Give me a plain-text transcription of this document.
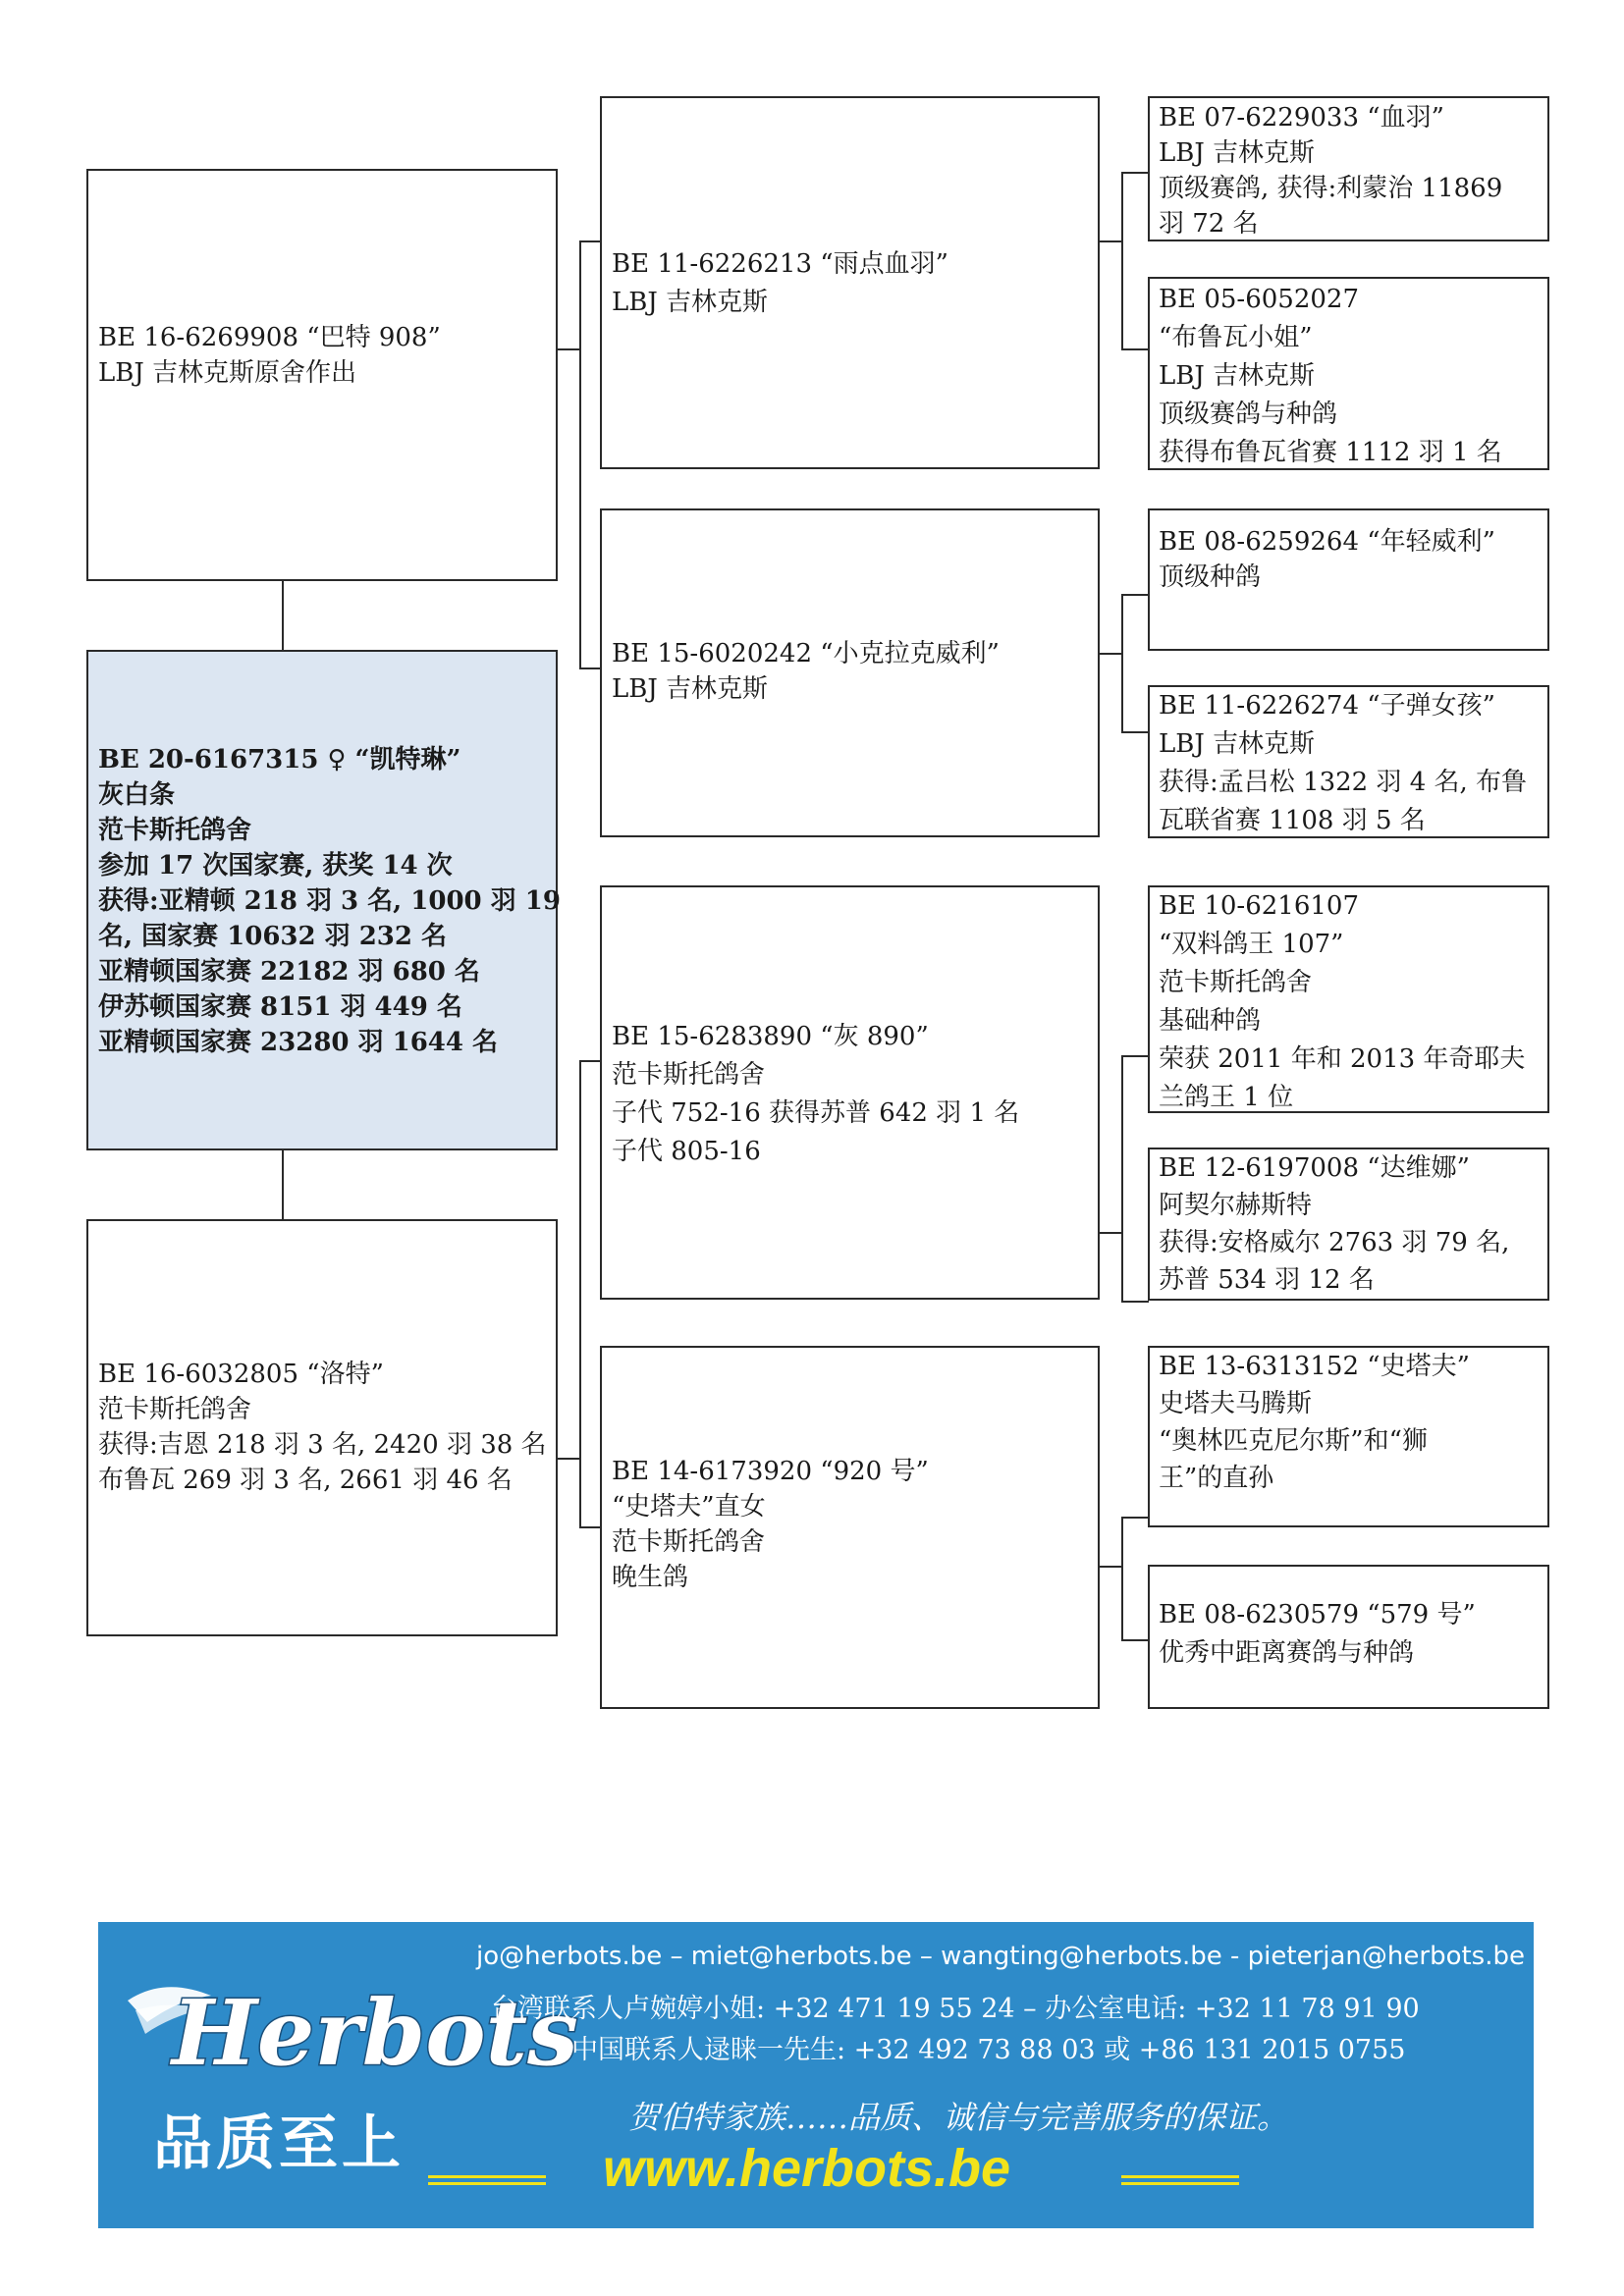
BE 16-6269908 “巴特 908”
LBJ 吉林克斯原舍作出
BE 20-6167315 ♀ “凯特琳”
灰白条
范卡斯托鸽舍
参加 17 次国家赛, 获奖 14 次
获得:亚精顿 218 羽 3 名, 1000 羽 19
名, 国家赛 10632 羽 232 名
亚精顿国家赛 22182 羽 680 名
伊苏顿国家赛 8151 羽 449 名
亚精顿国家赛 23280 羽 1644 名
BE 16-6032805 “洛特”
范卡斯托鸽舍
获得:吉恩 218 羽 3 名, 2420 羽 38 名
布鲁瓦 269 羽 3 名, 2661 羽 46 名
BE 11-6226213 “雨点血羽”
LBJ 吉林克斯
BE 15-6020242 “小克拉克威利”
LBJ 吉林克斯
BE 15-6283890 “灰 890”
范卡斯托鸽舍
子代 752-16 获得苏普 642 羽 1 名
子代 805-16
BE 14-6173920 “920 号”
“史塔夫”直女
范卡斯托鸽舍
晚生鸽
BE 07-6229033 “血羽”
LBJ 吉林克斯
顶级赛鸽, 获得:利蒙治 11869
羽 72 名
BE 05-6052027
“布鲁瓦小姐”
LBJ 吉林克斯
顶级赛鸽与种鸽
获得布鲁瓦省赛 1112 羽 1 名
BE 08-6259264 “年轻威利”
顶级种鸽
BE 11-6226274 “子弹女孩”
LBJ 吉林克斯
获得:孟吕松 1322 羽 4 名, 布鲁
瓦联省赛 1108 羽 5 名
BE 10-6216107
“双料鸽王 107”
范卡斯托鸽舍
基础种鸽
荣获 2011 年和 2013 年奇耶夫
兰鸽王 1 位
BE 12-6197008 “达维娜”
阿契尔赫斯特
获得:安格威尔 2763 羽 79 名,
苏普 534 羽 12 名
BE 13-6313152 “史塔夫”
史塔夫马腾斯
“奥林匹克尼尔斯”和“狮
王”的直孙
BE 08-6230579 “579 号”
优秀中距离赛鸽与种鸽
Herbots
品质至上
jo@herbots.be – miet@herbots.be – wangting@herbots.be - pieterjan@herbots.be
台湾联系人卢婉婷小姐: +32 471 19 55 24 – 办公室电话: +32 11 78 91 90
中国联系人逯睐一先生: +32 492 73 88 03 或 +86 131 2015 0755
贺伯特家族……品质、诚信与完善服务的保证。
www.herbots.be
